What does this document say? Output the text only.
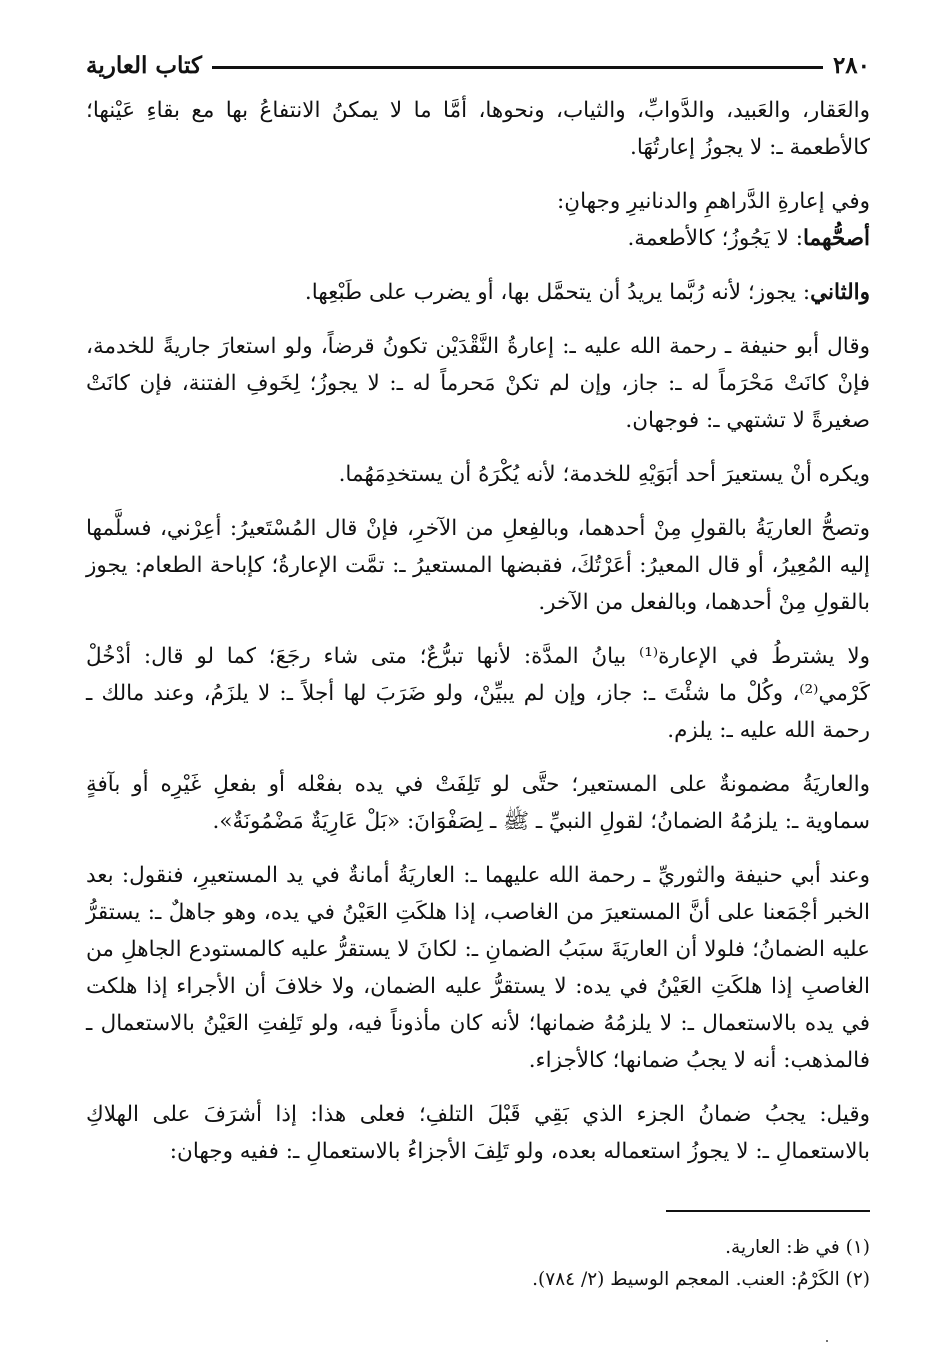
٢٨٠
كتاب العارية

والعَقار، والعَبيد، والدَّوابِّ، والثياب، ونحوها، أمَّا ما لا يمكنُ الانتفاعُ بها مع بقاءِ عَيْنها؛ كالأطعمة ـ: لا يجوزُ إعارتُهَا.

وفي إعارةِ الدَّراهمِ والدنانيرِ وجهانِ:

أصحُّهما: لا يَجُوزُ؛ كالأطعمة.

والثاني: يجوز؛ لأنه رُبَّما يريدُ أن يتحمَّل بها، أو يضرب على طَبْعِها.

وقال أبو حنيفة ـ رحمة الله عليه ـ: إعارةُ النَّقْدَيْن تكونُ قرضاً، ولو استعارَ جاريةً للخدمة، فإنْ كانَتْ مَحْرَماً له ـ: جاز، وإن لم تكنْ مَحرماً له ـ: لا يجوزُ؛ لِخَوفِ الفتنة، فإن كانَتْ صغيرةً لا تشتهي ـ: فوجهان.

ويكره أنْ يستعيرَ أحد أبَوَيْهِ للخدمة؛ لأنه يُكْرَهُ أن يستخدِمَهُما.

وتصحُّ العاريَةُ بالقولِ مِنْ أحدهما، وبالفِعلِ من الآخرِ، فإنْ قال المُسْتَعيرُ: أعِرْني، فسلَّمها إليه المُعِيرُ، أو قال المعيرُ: أعَرْتُكَ، فقبضها المستعيرُ ـ: تمَّت الإعارةُ؛ كإباحة الطعام: يجوز بالقولِ مِنْ أحدهما، وبالفعل من الآخر.

ولا يشترطُ في الإعارة⁽¹⁾ بيانُ المدَّة: لأنها تبرُّعٌ؛ متى شاء رجَعَ؛ كما لو قال: أدْخُلْ كَرْمي⁽²⁾، وكُلْ ما شئْتَ ـ: جاز، وإن لم يبيِّنْ، ولو ضَرَبَ لها أجلاً ـ: لا يلزَمُ، وعند مالك ـ رحمة الله عليه ـ: يلزم.

والعاريَةُ مضمونةٌ على المستعير؛ حتَّى لو تَلِفَتْ في يده بفعْله أو بفعلِ غَيْرِه أو بآفةٍ سماوية ـ: يلزمُهُ الضمانُ؛ لقولِ النبيِّ ـ ﷺ ـ لِصَفْوَانَ: «بَلْ عَارِيَةٌ مَضْمُونَةٌ».

وعند أبي حنيفة والثوريِّ ـ رحمة الله عليهما ـ: العاريَةُ أمانةٌ في يد المستعيرِ، فنقول: بعد الخبر أجْمَعنا على أنَّ المستعيرَ من الغاصب، إذا هلكَتِ العَيْنُ في يده، وهو جاهلٌ ـ: يستقرُّ عليه الضمانُ؛ فلولا أن العاريَةَ سبَبُ الضمانِ ـ: لكانَ لا يستقرُّ عليه كالمستودع الجاهلِ من الغاصبِ إذا هلكَتِ العَيْنُ في يده: لا يستقرُّ عليه الضمان، ولا خلافَ أن الأجراء إذا هلكت في يده بالاستعمال ـ: لا يلزمُهُ ضمانها؛ لأنه كان مأذوناً فيه، ولو تَلِفتِ العَيْنُ بالاستعمال ـ فالمذهب: أنه لا يجبُ ضمانها؛ كالأجزاء.

وقيل: يجبُ ضمانُ الجزء الذي بَقِي قَبْلَ التلفِ؛ فعلى هذا: إذا أشرَفَ على الهلاكِ بالاستعمالِ ـ: لا يجوزُ استعماله بعده، ولو تَلِفَ الأجزاءُ بالاستعمالِ ـ: ففيه وجهان:

(١) في ظ: العارية.

(٢) الكَرْمُ: العنب. المعجم الوسيط (٢/ ٧٨٤).
